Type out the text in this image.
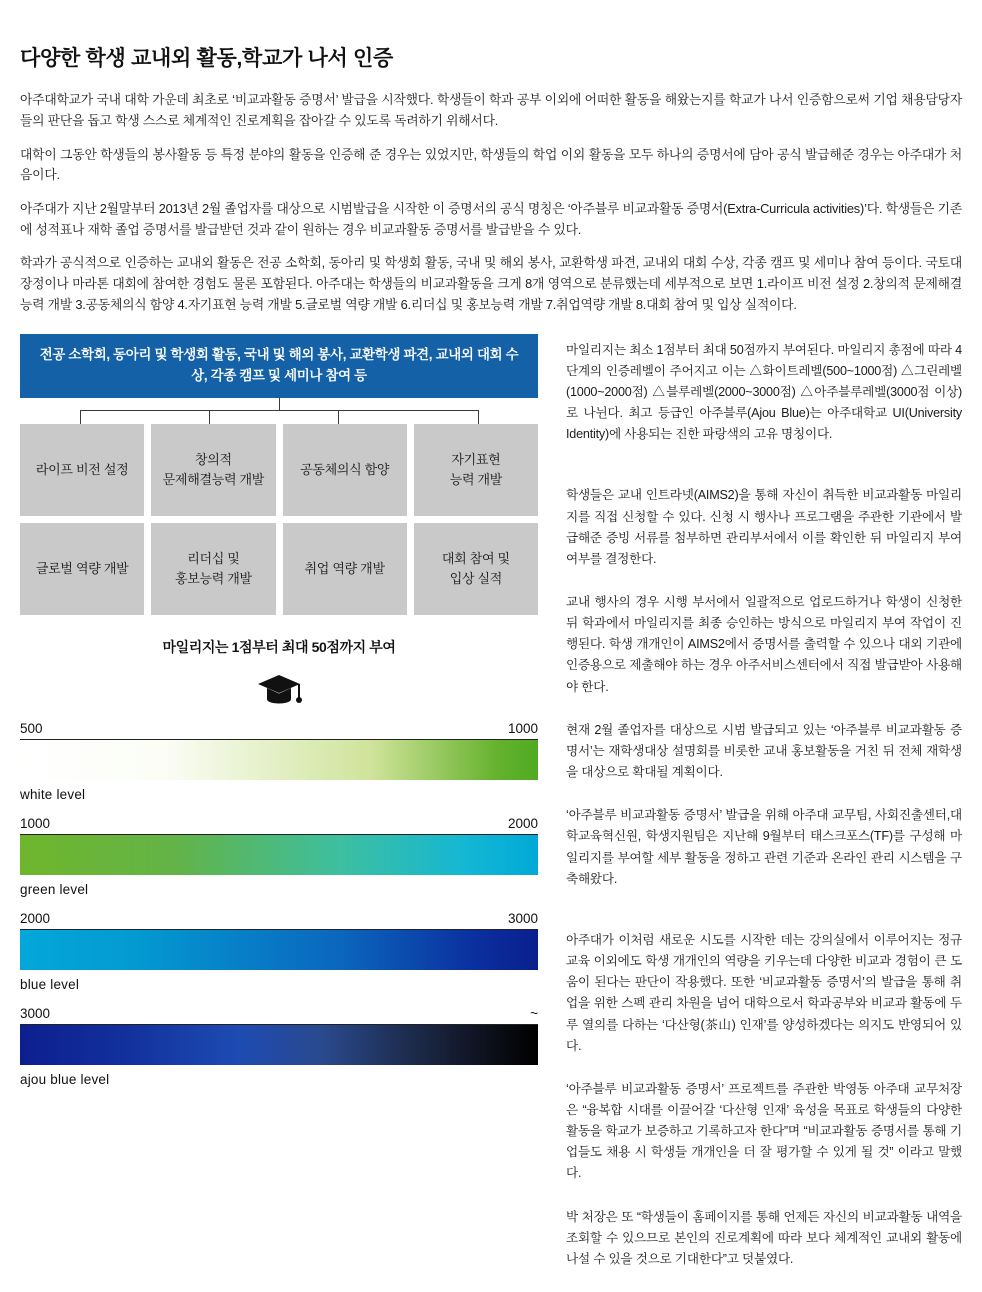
다양한 학생 교내외 활동,학교가 나서 인증

아주대학교가 국내 대학 가운데 최초로 ‘비교과활동 증명서’ 발급을 시작했다. 학생들이 학과 공부 이외에 어떠한 활동을 해왔는지를 학교가 나서 인증함으로써 기업 채용담당자들의 판단을 돕고 학생 스스로 체계적인 진로계획을 잡아갈 수 있도록 독려하기 위해서다.

대학이 그동안 학생들의 봉사활동 등 특정 분야의 활동을 인증해 준 경우는 있었지만, 학생들의 학업 이외 활동을 모두 하나의 증명서에 담아 공식 발급해준 경우는 아주대가 처음이다.

아주대가 지난 2월말부터 2013년 2월 졸업자를 대상으로 시범발급을 시작한 이 증명서의 공식 명칭은 ‘아주블루 비교과활동 증명서(Extra-Curricula activities)’다. 학생들은 기존에 성적표나 재학 졸업 증명서를 발급받던 것과 같이 원하는 경우 비교과활동 증명서를 발급받을 수 있다.

학과가 공식적으로 인증하는 교내외 활동은 전공 소학회, 동아리 및 학생회 활동, 국내 및 해외 봉사, 교환학생 파견, 교내외 대회 수상, 각종 캠프 및 세미나 참여 등이다. 국토대장정이나 마라톤 대회에 참여한 경험도 물론 포함된다. 아주대는 학생들의 비교과활동을 크게 8개 영역으로 분류했는데 세부적으로 보면 1.라이프 비전 설정 2.창의적 문제해결능력 개발 3.공동체의식 함양 4.자기표현 능력 개발 5.글로벌 역량 개발 6.리더십 및 홍보능력 개발 7.취업역량 개발 8.대회 참여 및 입상 실적이다.

전공 소학회, 동아리 및 학생회 활동, 국내 및 해외 봉사, 교환학생 파견, 교내외 대회 수상, 각종 캠프 및 세미나 참여 등
라이프 비전 설정
창의적
문제해결능력 개발
공동체의식 함양
자기표현
능력 개발
글로벌 역량 개발
리더십 및
홍보능력 개발
취업 역량 개발
대회 참여 및
입상 실적
마일리지는 1점부터 최대 50점까지 부여
500	1000
white level
1000	2000
green level
2000	3000
blue level
3000	~
ajou blue level

마일리지는 최소 1점부터 최대 50점까지 부여된다. 마일리지 총점에 따라 4단계의 인증레벨이 주어지고 이는 △화이트레벨(500~1000점) △그린레벨(1000~2000점) △블루레벨(2000~3000점) △아주블루레벨(3000점 이상)로 나뉜다. 최고 등급인 아주블루(Ajou Blue)는 아주대학교 UI(University Identity)에 사용되는 진한 파랑색의 고유 명칭이다.

학생들은 교내 인트라넷(AIMS2)을 통해 자신이 취득한 비교과활동 마일리지를 직접 신청할 수 있다. 신청 시 행사나 프로그램을 주관한 기관에서 발급해준 증빙 서류를 첨부하면 관리부서에서 이를 확인한 뒤 마일리지 부여 여부를 결정한다.

교내 행사의 경우 시행 부서에서 일괄적으로 업로드하거나 학생이 신청한 뒤 학과에서 마일리지를 최종 승인하는 방식으로 마일리지 부여 작업이 진행된다. 학생 개개인이 AIMS2에서 증명서를 출력할 수 있으나 대외 기관에 인증용으로 제출해야 하는 경우 아주서비스센터에서 직접 발급받아 사용해야 한다.

현재 2월 졸업자를 대상으로 시범 발급되고 있는 ‘아주블루 비교과활동 증명서’는 재학생대상 설명회를 비롯한 교내 홍보활동을 거친 뒤 전체 재학생을 대상으로 확대될 계획이다.

‘아주블루 비교과활동 증명서’ 발급을 위해 아주대 교무팀, 사회진출센터,대학교육혁신원, 학생지원팀은 지난해 9월부터 태스크포스(TF)를 구성해 마일리지를 부여할 세부 활동을 정하고 관련 기준과 온라인 관리 시스템을 구축해왔다.

아주대가 이처럼 새로운 시도를 시작한 데는 강의실에서 이루어지는 정규 교육 이외에도 학생 개개인의 역량을 키우는데 다양한 비교과 경험이 큰 도움이 된다는 판단이 작용했다. 또한 ‘비교과활동 증명서’의 발급을 통해 취업을 위한 스펙 관리 차원을 넘어 대학으로서 학과공부와 비교과 활동에 두루 열의를 다하는 ‘다산형(茶山) 인재’를 양성하겠다는 의지도 반영되어 있다.

‘아주블루 비교과활동 증명서’ 프로젝트를 주관한 박영동 아주대 교무처장은 “융복합 시대를 이끌어갈 ‘다산형 인재’ 육성을 목표로 학생들의 다양한 활동을 학교가 보증하고 기록하고자 한다”며 “비교과활동 증명서를 통해 기업들도 채용 시 학생들 개개인을 더 잘 평가할 수 있게 될 것” 이라고 말했다.

박 처장은 또 “학생들이 홈페이지를 통해 언제든 자신의 비교과활동 내역을 조회할 수 있으므로 본인의 진로계획에 따라 보다 체계적인 교내외 활동에 나설 수 있을 것으로 기대한다”고 덧붙였다.
